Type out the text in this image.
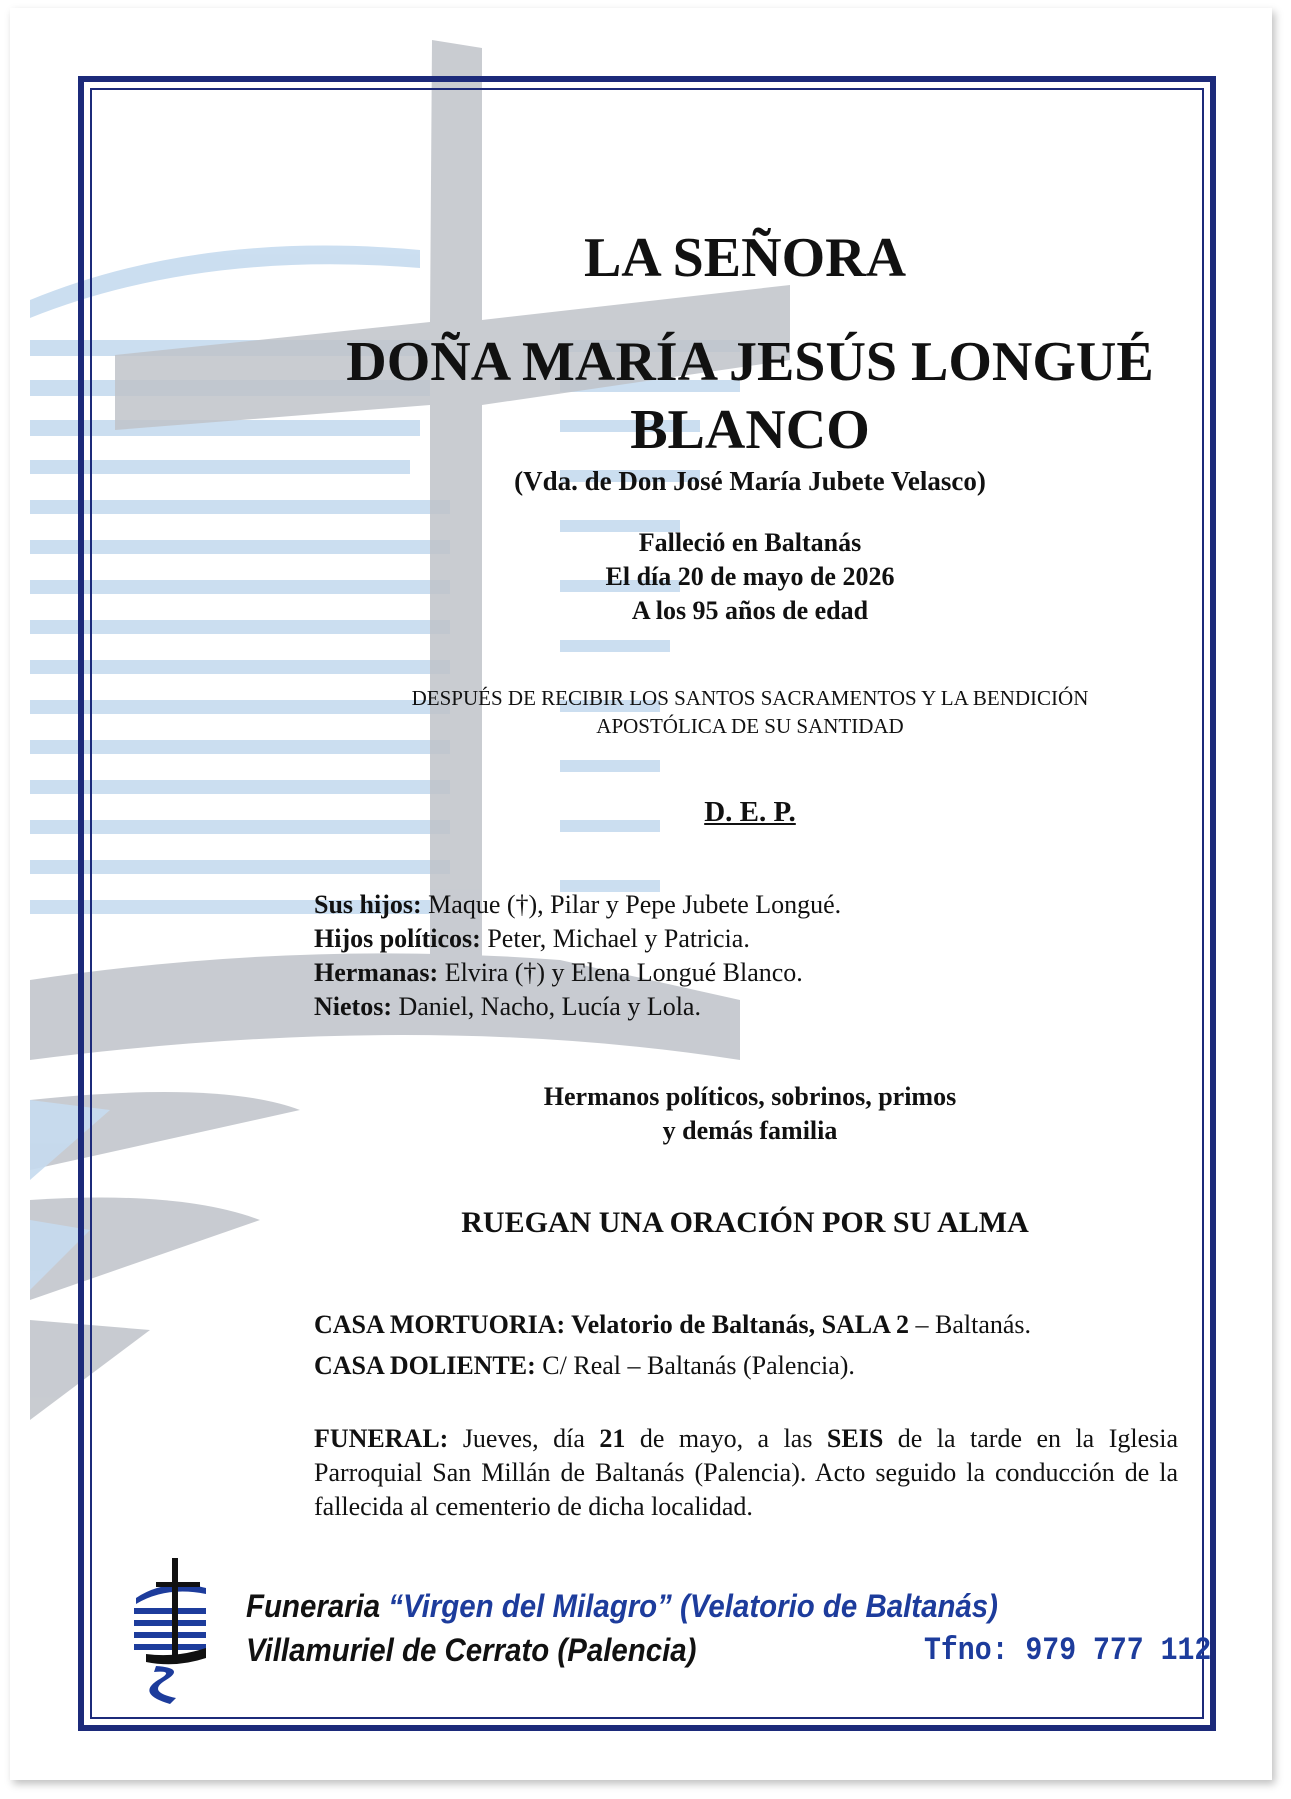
LA SEÑORA
DOÑA MARÍA JESÚS LONGUÉ
BLANCO
(Vda. de Don José María Jubete Velasco)
Falleció en Baltanás
El día 20 de mayo de 2026
A los 95 años de edad
DESPUÉS DE RECIBIR LOS SANTOS SACRAMENTOS Y LA BENDICIÓN
APOSTÓLICA DE SU SANTIDAD
D. E. P.
Sus hijos: Maque (†), Pilar y Pepe Jubete Longué.
Hijos políticos: Peter, Michael y Patricia.
Hermanas: Elvira (†) y Elena Longué Blanco.
Nietos: Daniel, Nacho, Lucía y Lola.
Hermanos políticos, sobrinos, primos
y demás familia
RUEGAN UNA ORACIÓN POR SU ALMA
CASA MORTUORIA: Velatorio de Baltanás, SALA 2 – Baltanás.
CASA DOLIENTE: C/ Real – Baltanás (Palencia).
FUNERAL: Jueves, día 21 de mayo, a las SEIS de la tarde en la Iglesia Parroquial San Millán de Baltanás (Palencia). Acto seguido la conducción de la fallecida al cementerio de dicha localidad.
Funeraria “Virgen del Milagro” (Velatorio de Baltanás)
Villamuriel de Cerrato (Palencia)	Tfno: 979 777 112
